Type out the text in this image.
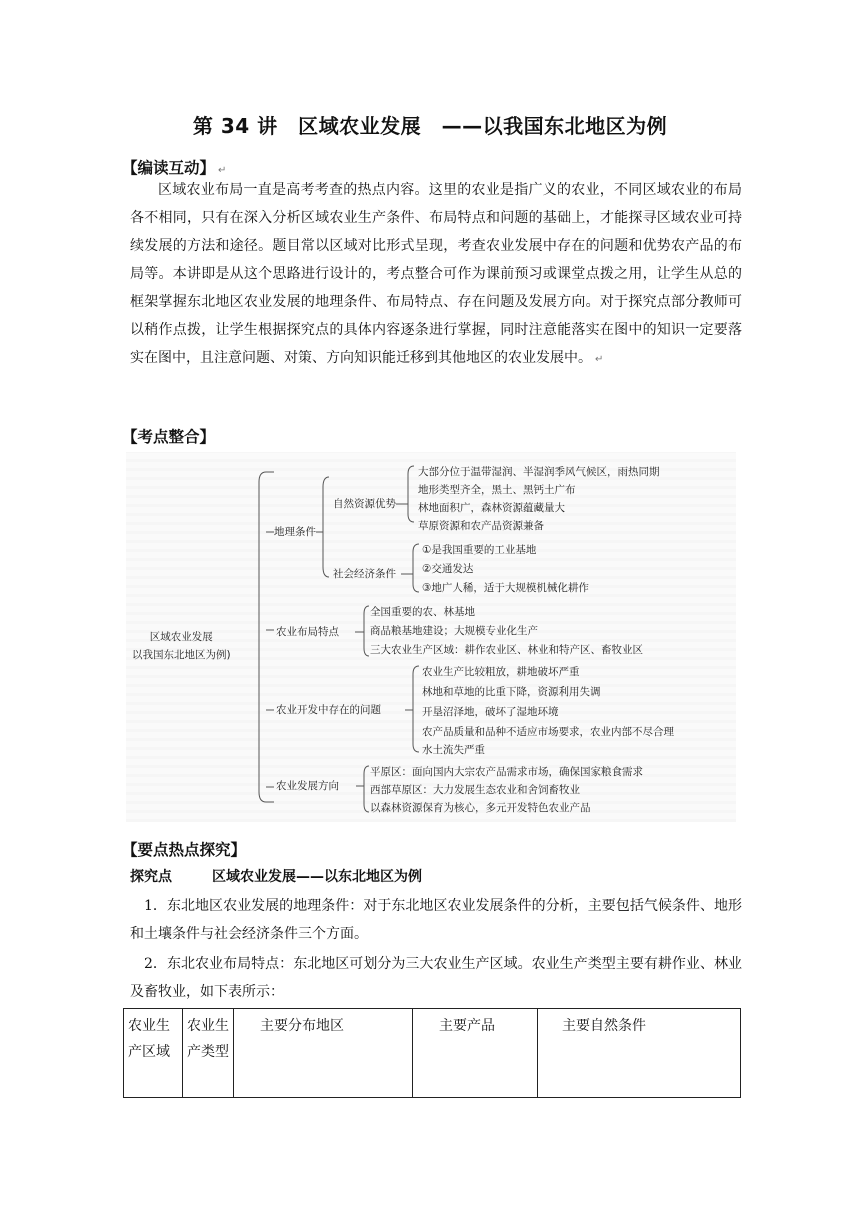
第 34 讲　区域农业发展　——以我国东北地区为例
【编读互动】 ↵

区域农业布局一直是高考考查的热点内容。这里的农业是指广义的农业，不同区域农业的布局各不相同，只有在深入分析区域农业生产条件、布局特点和问题的基础上，才能探寻区域农业可持续发展的方法和途径。题目常以区域对比形式呈现，考查农业发展中存在的问题和优势农产品的布局等。本讲即是从这个思路进行设计的，考点整合可作为课前预习或课堂点拨之用，让学生从总的框架掌握东北地区农业发展的地理条件、布局特点、存在问题及发展方向。对于探究点部分教师可以稍作点拨，让学生根据探究点的具体内容逐条进行掌握，同时注意能落实在图中的知识一定要落实在图中，且注意问题、对策、方向知识能迁移到其他地区的农业发展中。 ↵

【考点整合】
区域农业发展
以我国东北地区为例)
地理条件
自然资源优势
大部分位于温带湿润、半湿润季风气候区，雨热同期
地形类型齐全，黑土、黑钙土广布
林地面积广，森林资源蕴藏量大
草原资源和农产品资源兼备
社会经济条件
①是我国重要的工业基地
②交通发达
③地广人稀，适于大规模机械化耕作
农业布局特点
全国重要的农、林基地
商品粮基地建设；大规模专业化生产
三大农业生产区域：耕作农业区、林业和特产区、畜牧业区
农业开发中存在的问题
农业生产比较粗放，耕地破坏严重
林地和草地的比重下降，资源利用失调
开垦沼泽地，破坏了湿地环境
农产品质量和品种不适应市场要求，农业内部不尽合理
水土流失严重
农业发展方向
平原区：面向国内大宗农产品需求市场，确保国家粮食需求
西部草原区：大力发展生态农业和舍饲畜牧业
以森林资源保育为核心，多元开发特色农业产品
【要点热点探究】
探究点	区域农业发展——以东北地区为例

1．东北地区农业发展的地理条件：对于东北地区农业发展条件的分析，主要包括气候条件、地形和土壤条件与社会经济条件三个方面。

2．东北农业布局特点：东北地区可划分为三大农业生产区域。农业生产类型主要有耕作业、林业及畜牧业，如下表所示：

农业生产区域	农业生产类型	主要分布地区	主要产品	主要自然条件
